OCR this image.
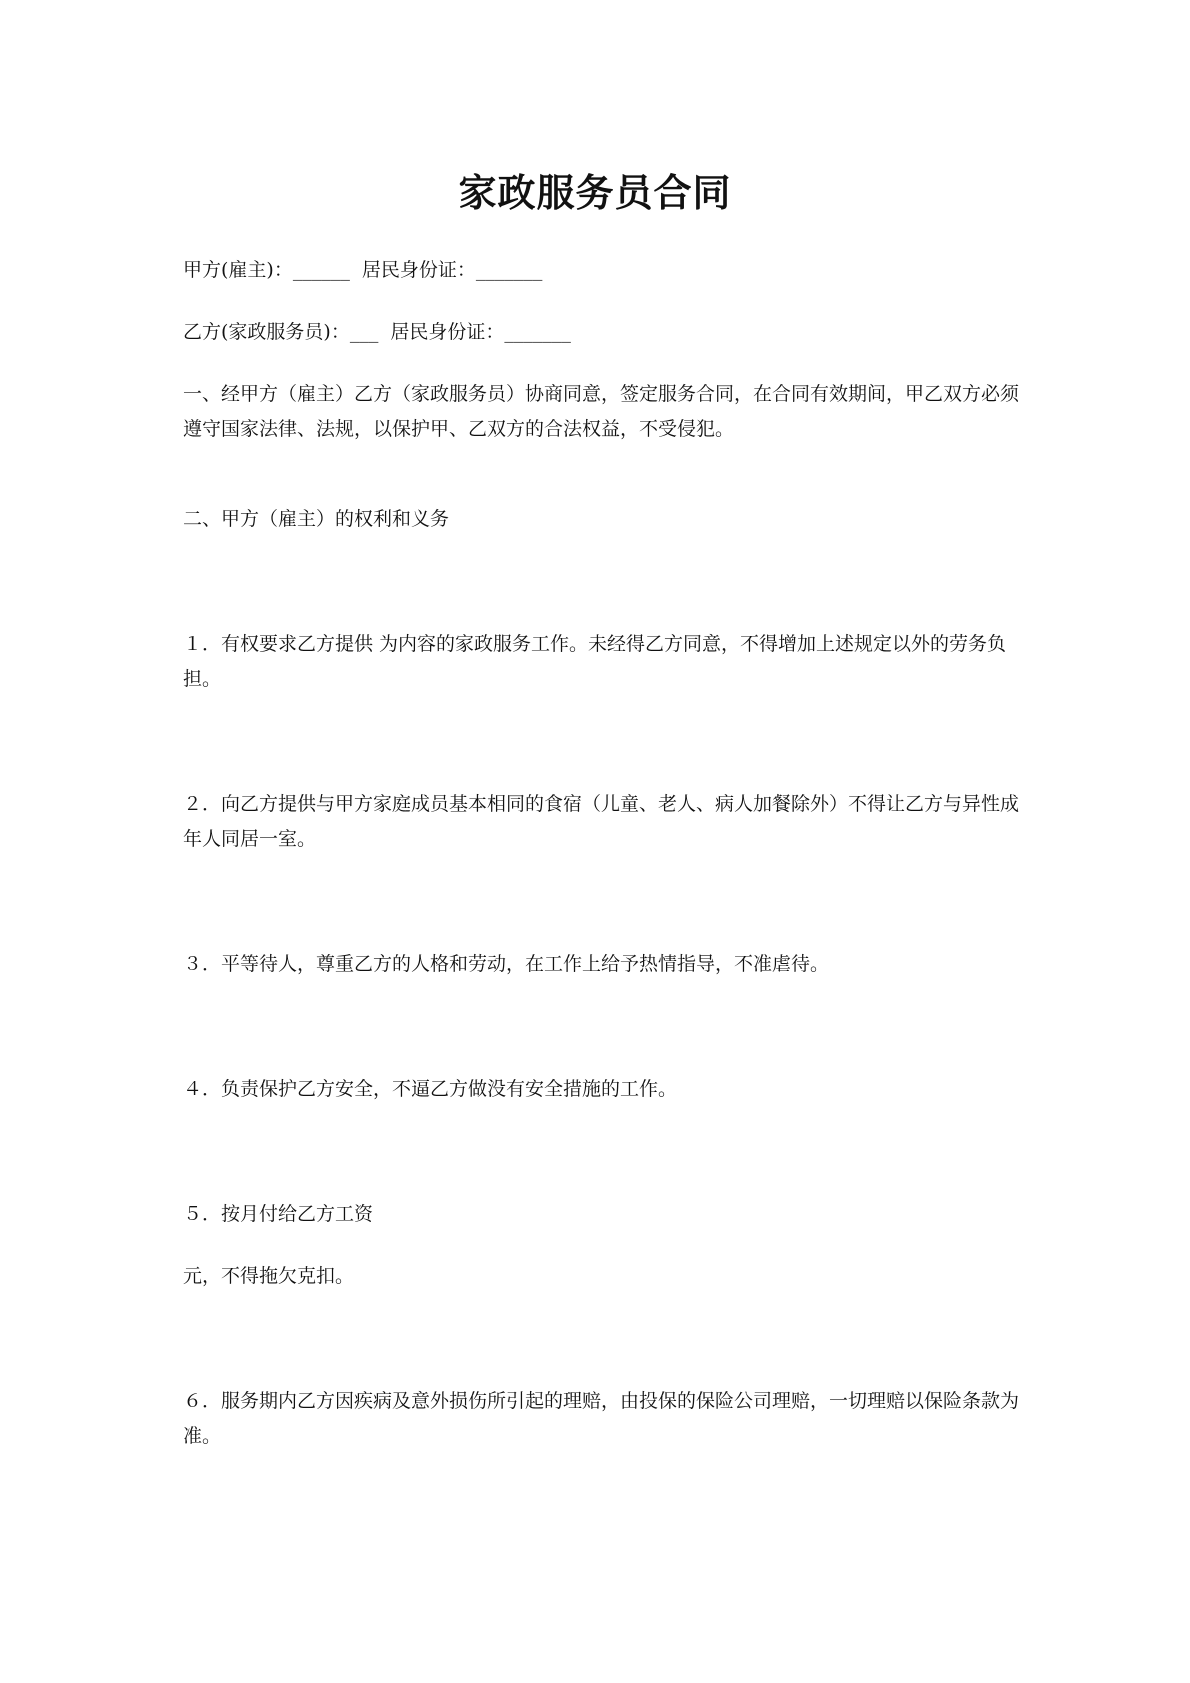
家政服务员合同
甲方(雇主)：______  居民身份证：_______
乙方(家政服务员)：___  居民身份证：_______
一、经甲方（雇主）乙方（家政服务员）协商同意，签定服务合同，在合同有效期间，甲乙双方必须遵守国家法律、法规，以保护甲、乙双方的合法权益，不受侵犯。
二、甲方（雇主）的权利和义务
１．有权要求乙方提供 为内容的家政服务工作。未经得乙方同意，不得增加上述规定以外的劳务负担。
２．向乙方提供与甲方家庭成员基本相同的食宿（儿童、老人、病人加餐除外）不得让乙方与异性成年人同居一室。
３．平等待人，尊重乙方的人格和劳动，在工作上给予热情指导，不准虐待。
４．负责保护乙方安全，不逼乙方做没有安全措施的工作。
５．按月付给乙方工资
元，不得拖欠克扣。
６．服务期内乙方因疾病及意外损伤所引起的理赔，由投保的保险公司理赔，一切理赔以保险条款为准。
